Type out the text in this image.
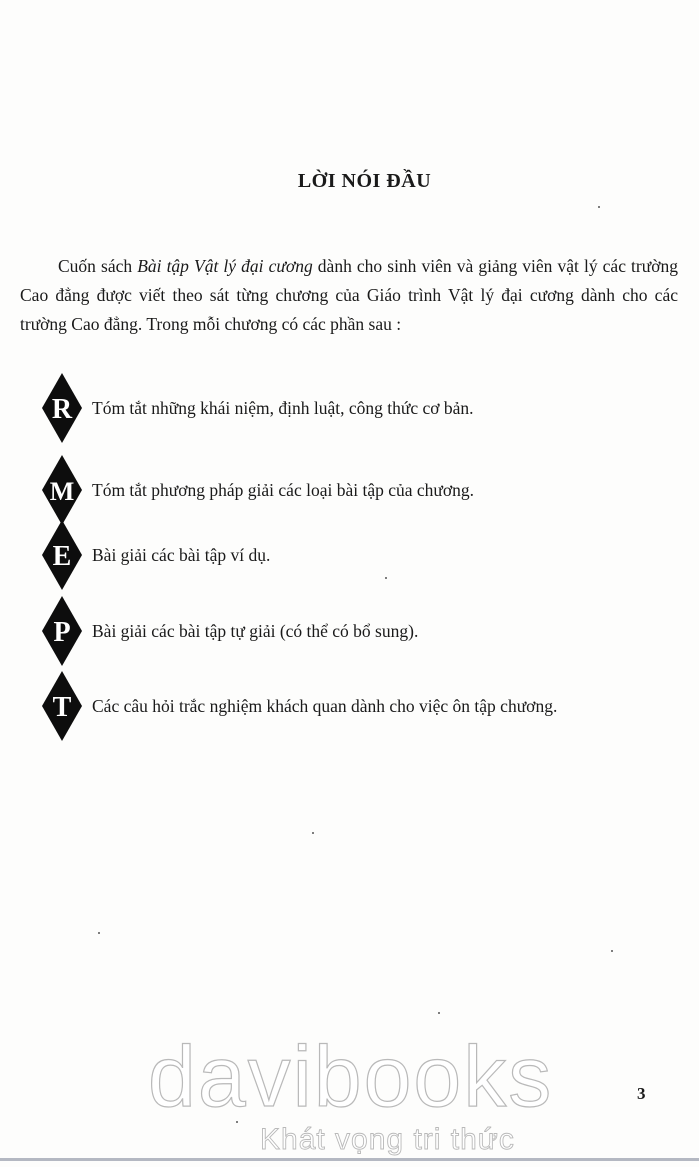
LỜI NÓI ĐẦU

Cuốn sách Bài tập Vật lý đại cương dành cho sinh viên và giảng viên vật lý các trường Cao đẳng được viết theo sát từng chương của Giáo trình Vật lý đại cương dành cho các trường Cao đẳng. Trong mỗi chương có các phần sau :

R Tóm tắt những khái niệm, định luật, công thức cơ bản.
M Tóm tắt phương pháp giải các loại bài tập của chương.
E Bài giải các bài tập ví dụ.
P Bài giải các bài tập tự giải (có thể có bổ sung).
T Các câu hỏi trắc nghiệm khách quan dành cho việc ôn tập chương.
3
davibooks
Khát vọng tri thức
